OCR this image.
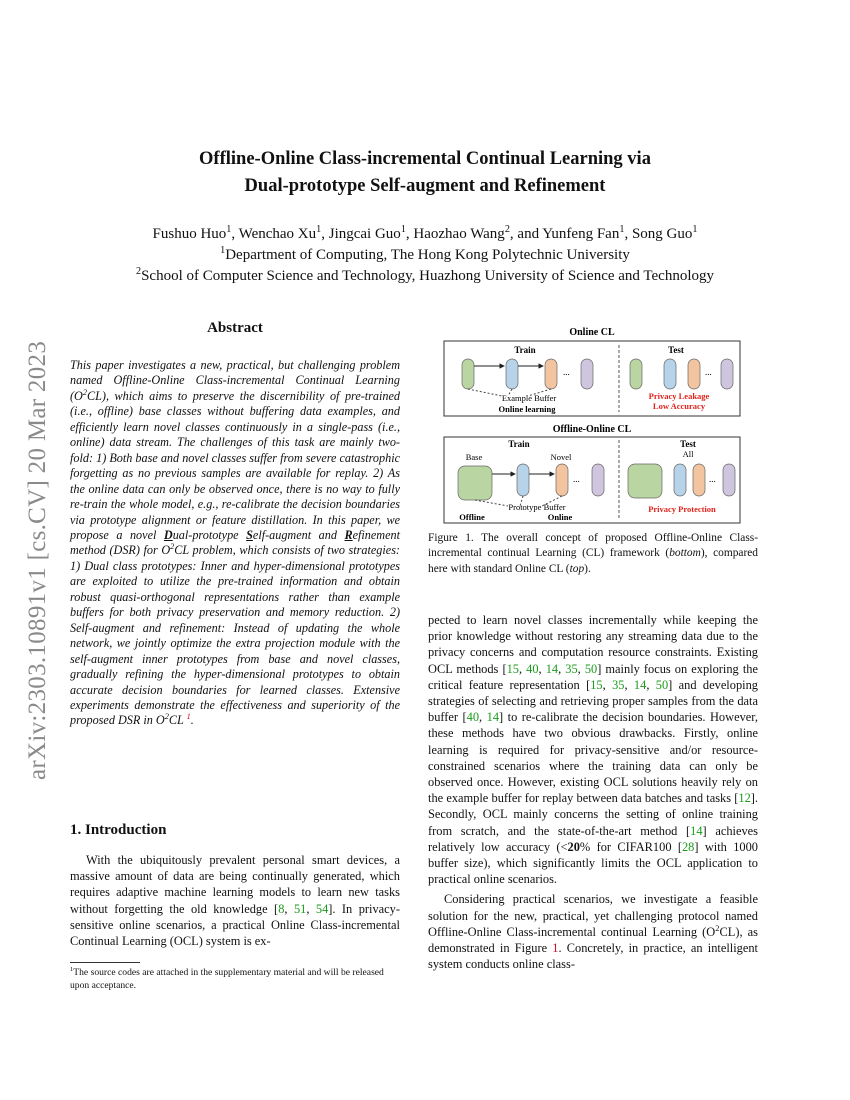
Offline-Online Class-incremental Continual Learning via
Dual-prototype Self-augment and Refinement
Fushuo Huo$^1$, Wenchao Xu$^1$, Jingcai Guo$^1$, Haozhao Wang$^2$, and Yunfeng Fan$^1$, Song Guo$^1$
$^1$Department of Computing, The Hong Kong Polytechnic University
$^2$School of Computer Science and Technology, Huazhong University of Science and Technology
arXiv:2303.10891v1 [cs.CV] 20 Mar 2023
Abstract
This paper investigates a new, practical, but challenging problem named Offline-Online Class-incremental Continual Learning $(O^2CL)$, which aims to preserve the discernibility of pre-trained (i.e., offline) base classes without buffering data examples, and efficiently learn novel classes continuously in a single-pass (i.e., online) data stream. The challenges of this task are mainly two-fold: 1) Both base and novel classes suffer from severe catastrophic forgetting as no previous samples are available for replay. 2) As the online data can only be observed once, there is no way to fully re-train the whole model, e.g., re-calibrate the decision boundaries via prototype alignment or feature distillation. In this paper, we propose a novel Dual-prototype Self-augment and Refinement method (DSR) for $O^2CL$ problem, which consists of two strategies: 1) Dual class prototypes: Inner and hyper-dimensional prototypes are exploited to utilize the pre-trained information and obtain robust quasi-orthogonal representations rather than example buffers for both privacy preservation and memory reduction. 2) Self-augment and refinement: Instead of updating the whole network, we jointly optimize the extra projection module with the self-augment inner prototypes from base and novel classes, gradually refining the hyper-dimensional prototypes to obtain accurate decision boundaries for learned classes. Extensive experiments demonstrate the effectiveness and superiority of the proposed DSR in $O^2CL$ $^1$.
1. Introduction
With the ubiquitously prevalent personal smart devices, a massive amount of data are being continually generated, which requires adaptive machine learning models to learn new tasks without forgetting the old knowledge [8, 51, 54]. In privacy-sensitive online scenarios, a practical Online Class-incremental Continual Learning (OCL) system is ex-
$^1$The source codes are attached in the supplementary material and will be released upon acceptance.
Online CL
Train	Test
...
Example Buffer
Online learning
...
Privacy Leakage
Low Accuracy
Offline-Online CL
Train	Test
All
Base	Novel
...
Prototype Buffer
Offline	Online
...
Privacy Protection
Figure 1. The overall concept of proposed Offline-Online Class-incremental continual Learning (CL) framework (bottom), compared here with standard Online CL (top).

pected to learn novel classes incrementally while keeping the prior knowledge without restoring any streaming data due to the privacy concerns and computation resource constraints. Existing OCL methods [15, 40, 14, 35, 50] mainly focus on exploring the critical feature representation [15, 35, 14, 50] and developing strategies of selecting and retrieving proper samples from the data buffer [40, 14] to re-calibrate the decision boundaries. However, these methods have two obvious drawbacks. Firstly, online learning is required for privacy-sensitive and/or resource-constrained scenarios where the training data can only be observed once. However, existing OCL solutions heavily rely on the example buffer for replay between data batches and tasks [12]. Secondly, OCL mainly concerns the setting of online training from scratch, and the state-of-the-art method [14] achieves relatively low accuracy (<20% for CIFAR100 [28] with 1000 buffer size), which significantly limits the OCL application to practical online scenarios.

Considering practical scenarios, we investigate a feasible solution for the new, practical, yet challenging protocol named Offline-Online Class-incremental continual Learning $(O^2CL)$, as demonstrated in Figure 1. Concretely, in practice, an intelligent system conducts online class-
